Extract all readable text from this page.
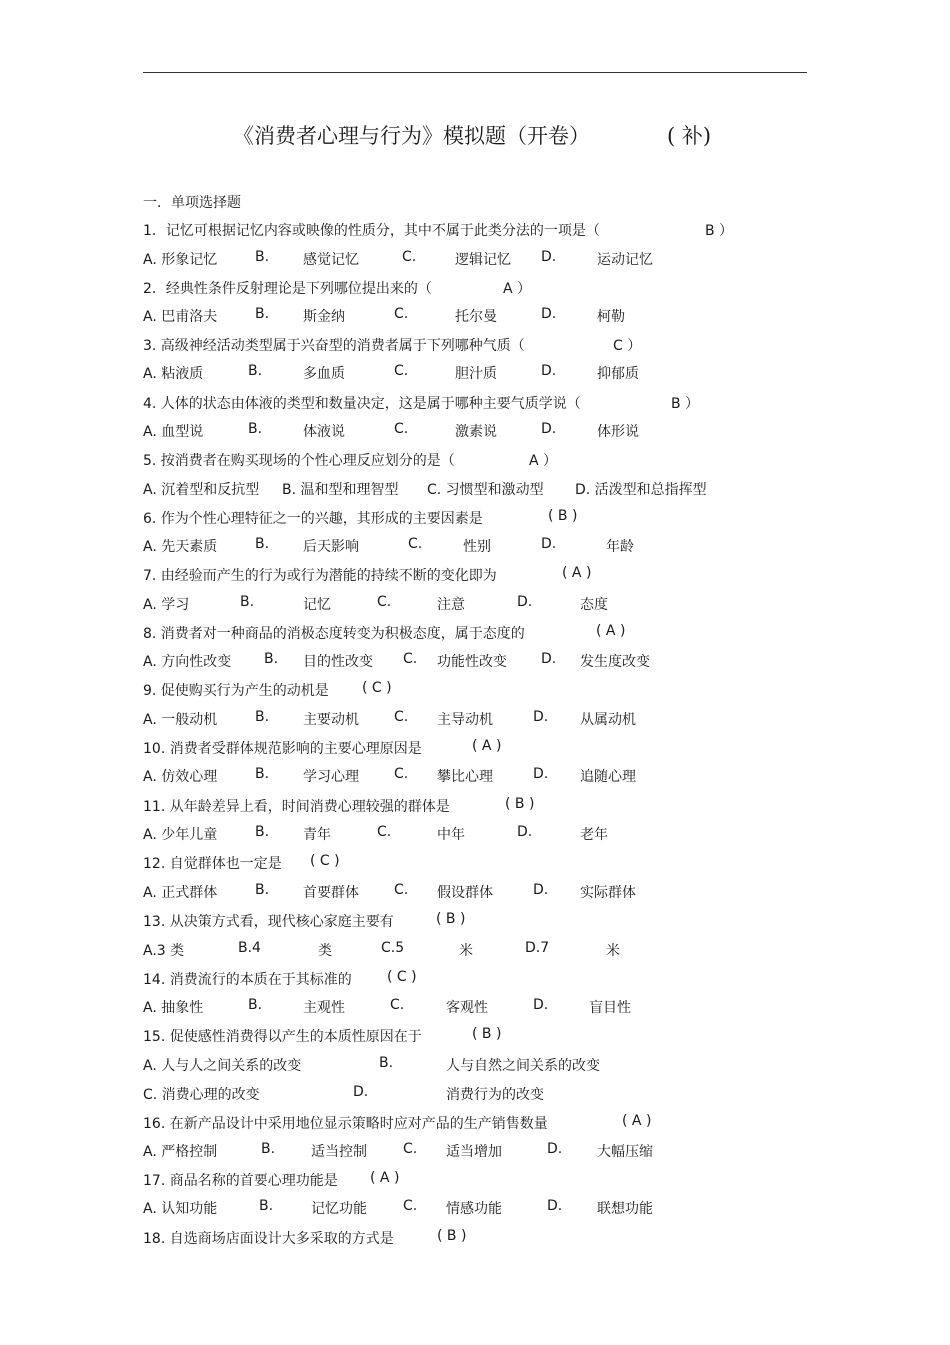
《消费者心理与行为》模拟题（开卷）	( 补)
一．单项选择题
1．记忆可根据记忆内容或映像的性质分，其中不属于此类分法的一项是（	B ）
A. 形象记忆	B. 感觉记忆	C.	逻辑记忆 D.	运动记忆
2．经典性条件反射理论是下列哪位提出来的（	A ）
A. 巴甫洛夫	B. 斯金纳	C.	托尔曼	D.	柯勒
3. 高级神经活动类型属于兴奋型的消费者属于下列哪种气质（	C ）
A. 粘液质	B.	多血质	C.	胆汁质	D.	抑郁质
4. 人体的状态由体液的类型和数量决定，这是属于哪种主要气质学说（	B ）
A. 血型说	B.	体液说	C.	激素说	D.	体形说
5. 按消费者在购买现场的个性心理反应划分的是（	A ）
A. 沉着型和反抗型 B. 温和型和理智型 C. 习惯型和激动型 D. 活泼型和总指挥型
6. 作为个性心理特征之一的兴趣，其形成的主要因素是	( B )
A. 先天素质	B. 后天影响	C.	性别	D.	年龄
7. 由经验而产生的行为或行为潜能的持续不断的变化即为	( A )
A. 学习	B.	记忆	C.	注意	D.	态度
8. 消费者对一种商品的消极态度转变为积极态度，属于态度的	( A )
A. 方向性改变 B. 目的性改变 C. 功能性改变 D. 发生度改变
9. 促使购买行为产生的动机是 ( C )
A. 一般动机	B. 主要动机	C. 主导动机	D. 从属动机
10. 消费者受群体规范影响的主要心理原因是	( A )
A. 仿效心理	B. 学习心理	C. 攀比心理	D. 追随心理
11. 从年龄差异上看，时间消费心理较强的群体是	( B )
A. 少年儿童	B. 青年	C.	中年	D.	老年
12. 自觉群体也一定是 ( C )
A. 正式群体	B. 首要群体	C. 假设群体	D. 实际群体
13. 从决策方式看，现代核心家庭主要有	( B )
A.3 类	B.4	类	C.5	米	D.7	米
14. 消费流行的本质在于其标准的	( C )
A. 抽象性	B.	主观性	C.	客观性	D.	盲目性
15. 促使感性消费得以产生的本质性原因在于	( B )
A. 人与人之间关系的改变	B.	人与自然之间关系的改变
C. 消费心理的改变	D.	消费行为的改变
16. 在新产品设计中采用地位显示策略时应对产品的生产销售数量	( A )
A. 严格控制	B.	适当控制	C. 适当增加	D. 大幅压缩
17. 商品名称的首要心理功能是 ( A )
A. 认知功能	B.	记忆功能	C. 情感功能	D. 联想功能
18. 自选商场店面设计大多采取的方式是	( B )
